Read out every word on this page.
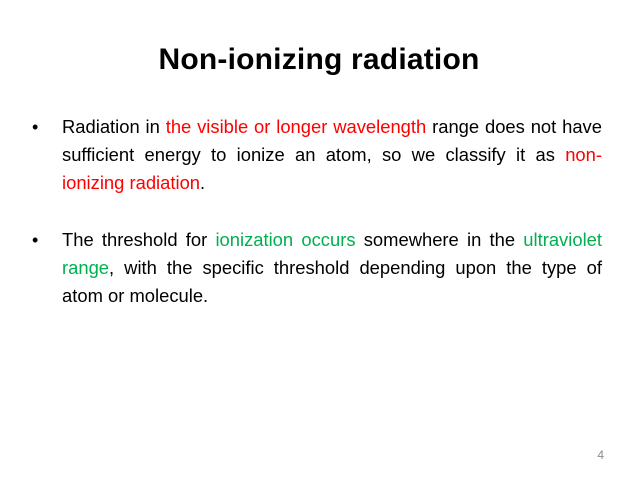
Non-ionizing radiation
•	Radiation in the visible or longer wavelength range does not have sufficient energy to ionize an atom, so we classify it as non-ionizing radiation.
•	The threshold for ionization occurs somewhere in the ultraviolet range, with the specific threshold depending upon the type of atom or molecule.
4
